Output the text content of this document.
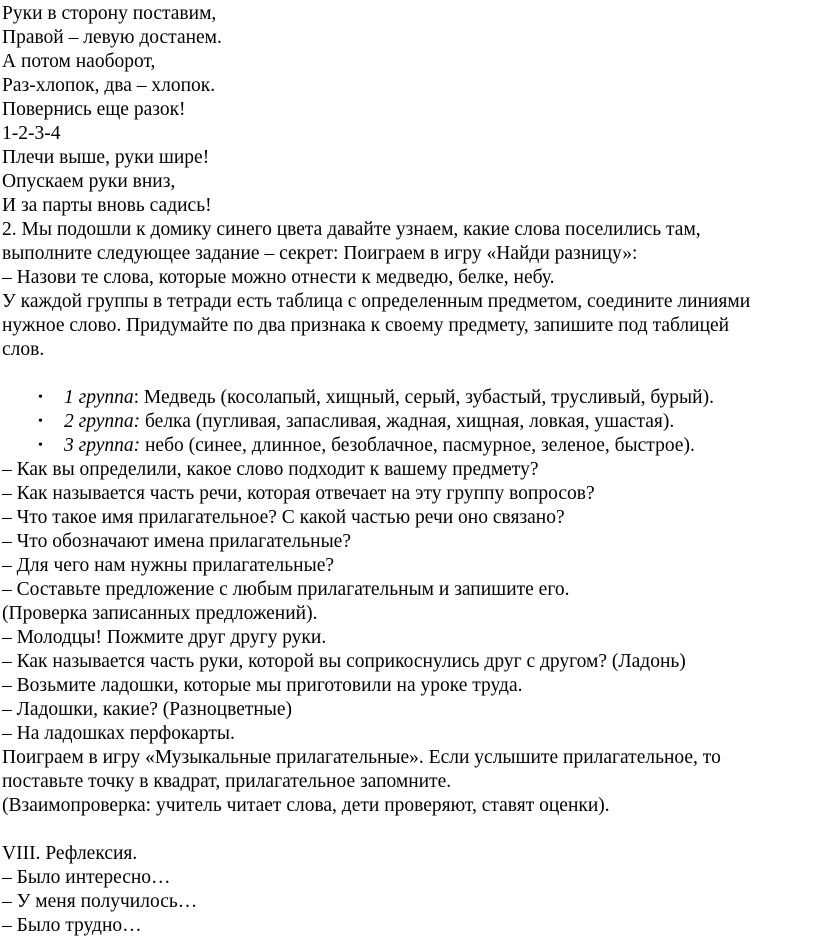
Руки в сторону поставим,
Правой – левую достанем.
А потом наоборот,
Раз-хлопок, два – хлопок.
Повернись еще разок!
1-2-3-4
Плечи выше, руки шире!
Опускаем руки вниз,
И за парты вновь садись!
2. Мы подошли к домику синего цвета давайте узнаем, какие слова поселились там,
выполните следующее задание – секрет: Поиграем в игру «Найди разницу»:
– Назови те слова, которые можно отнести к медведю, белке, небу.
У каждой группы в тетради есть таблица с определенным предметом, соедините линиями
нужное слово. Придумайте по два признака к своему предмету, запишите под таблицей
слов.
• 1 группа: Медведь (косолапый, хищный, серый, зубастый, трусливый, бурый).
• 2 группа: белка (пугливая, запасливая, жадная, хищная, ловкая, ушастая).
• 3 группа: небо (синее, длинное, безоблачное, пасмурное, зеленое, быстрое).
– Как вы определили, какое слово подходит к вашему предмету?
– Как называется часть речи, которая отвечает на эту группу вопросов?
– Что такое имя прилагательное? С какой частью речи оно связано?
– Что обозначают имена прилагательные?
– Для чего нам нужны прилагательные?
– Составьте предложение с любым прилагательным и запишите его.
(Проверка записанных предложений).
– Молодцы! Пожмите друг другу руки.
– Как называется часть руки, которой вы соприкоснулись друг с другом? (Ладонь)
– Возьмите ладошки, которые мы приготовили на уроке труда.
– Ладошки, какие? (Разноцветные)
– На ладошках перфокарты.
Поиграем в игру «Музыкальные прилагательные». Если услышите прилагательное, то
поставьте точку в квадрат, прилагательное запомните.
(Взаимопроверка: учитель читает слова, дети проверяют, ставят оценки).
VIII. Рефлексия.
– Было интересно…
– У меня получилось…
– Было трудно…
